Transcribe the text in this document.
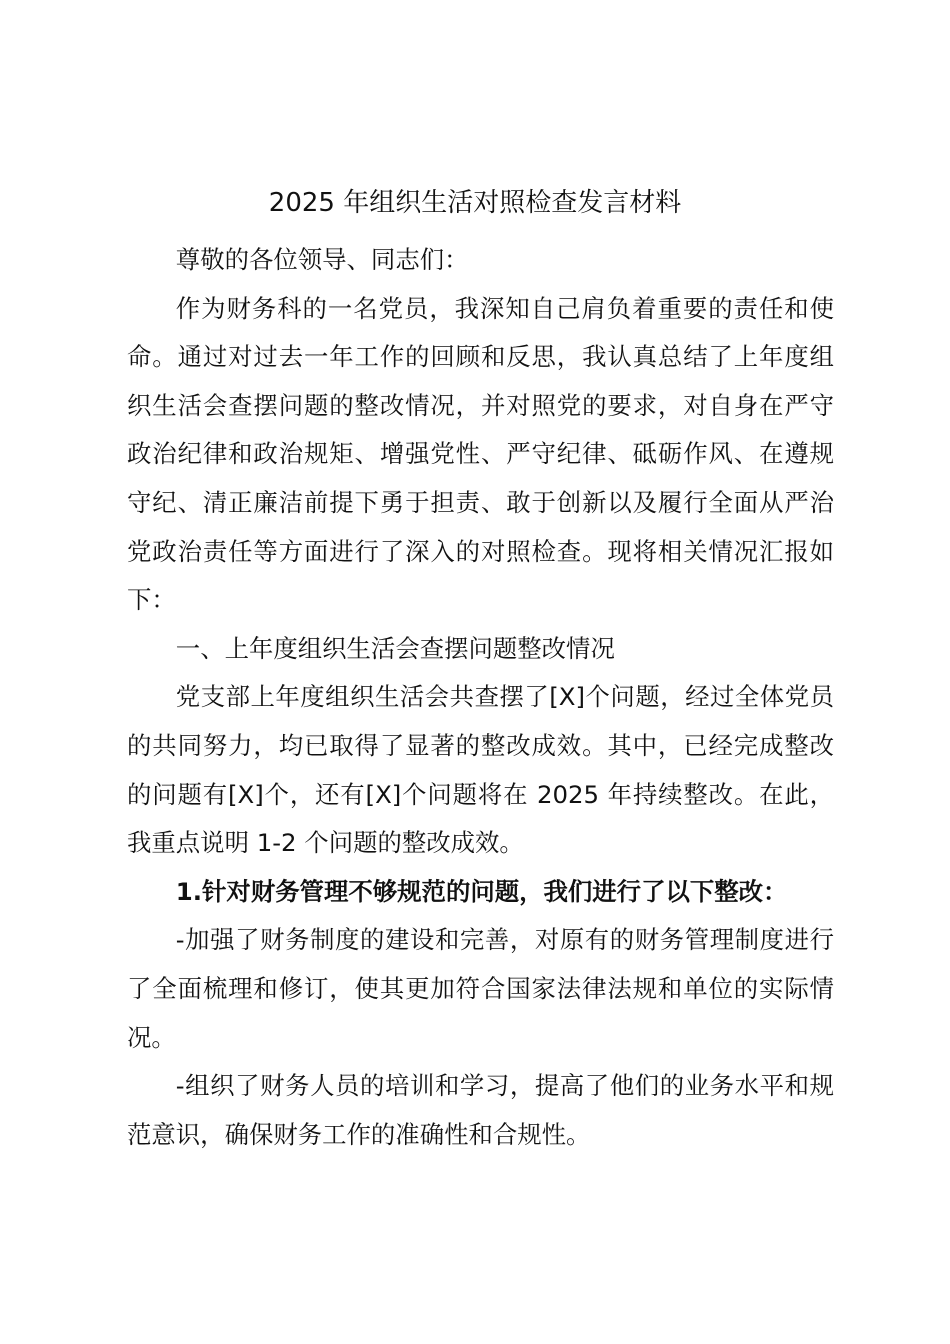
2025 年组织生活对照检查发言材料

尊敬的各位领导、同志们：

作为财务科的一名党员，我深知自己肩负着重要的责任和使命。通过对过去一年工作的回顾和反思，我认真总结了上年度组织生活会查摆问题的整改情况，并对照党的要求，对自身在严守政治纪律和政治规矩、增强党性、严守纪律、砥砺作风、在遵规守纪、清正廉洁前提下勇于担责、敢于创新以及履行全面从严治党政治责任等方面进行了深入的对照检查。现将相关情况汇报如下：

一、上年度组织生活会查摆问题整改情况

党支部上年度组织生活会共查摆了[X]个问题，经过全体党员的共同努力，均已取得了显著的整改成效。其中，已经完成整改的问题有[X]个，还有[X]个问题将在 2025 年持续整改。在此，我重点说明 1-2 个问题的整改成效。

1.针对财务管理不够规范的问题，我们进行了以下整改：

-加强了财务制度的建设和完善，对原有的财务管理制度进行了全面梳理和修订，使其更加符合国家法律法规和单位的实际情况。

-组织了财务人员的培训和学习，提高了他们的业务水平和规范意识，确保财务工作的准确性和合规性。
